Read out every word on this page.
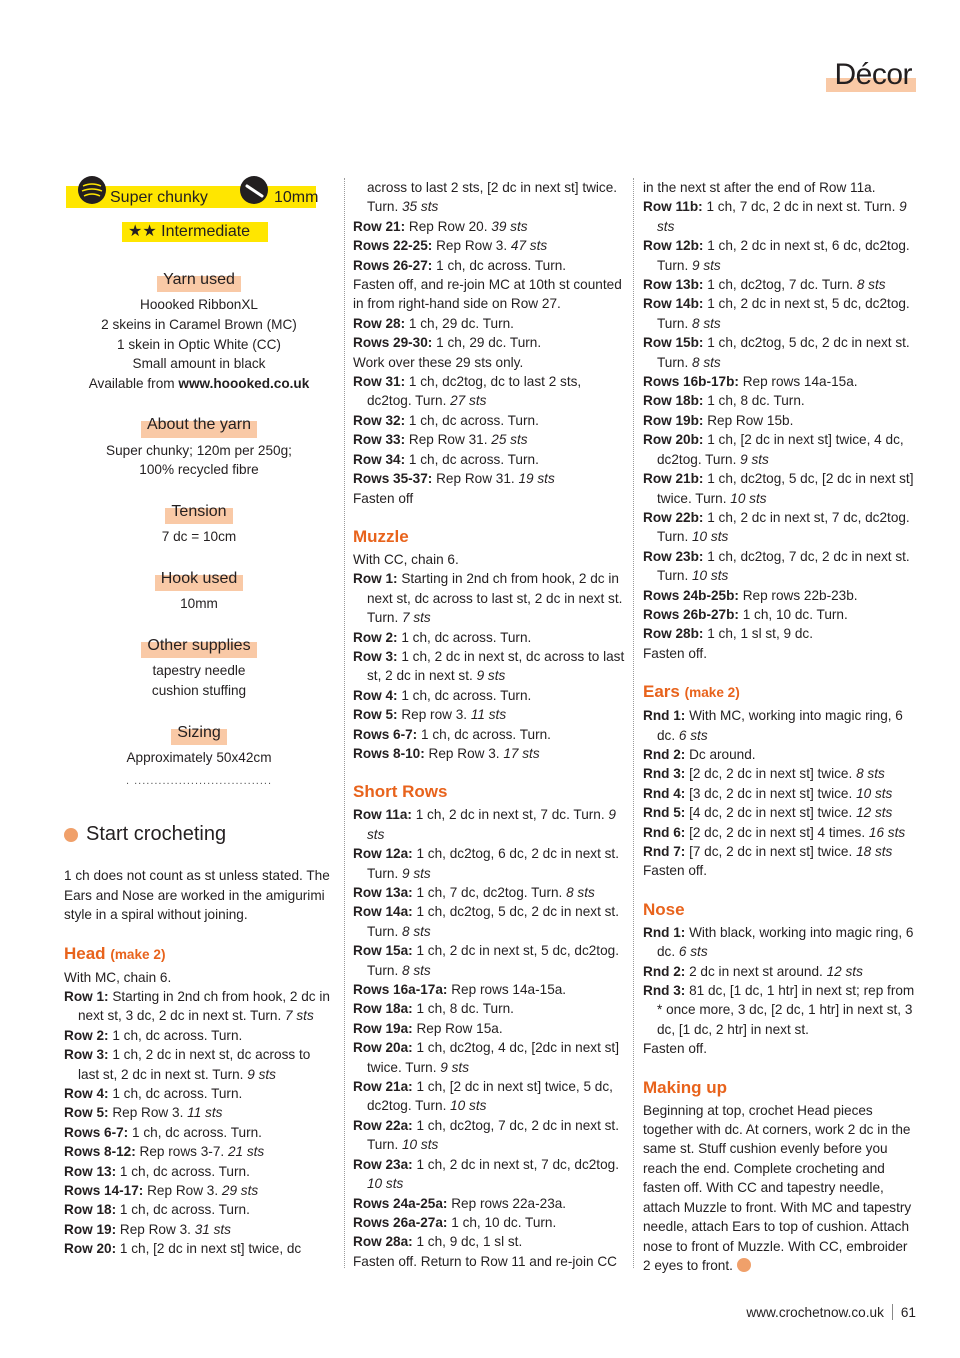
Décor
Super chunky	10mm
★★ Intermediate
Yarn used
Hoooked RibbonXL
2 skeins in Caramel Brown (MC)
1 skein in Optic White (CC)
Small amount in black
Available from www.hoooked.co.uk
About the yarn
Super chunky; 120m per 250g;
100% recycled fibre
Tension
7 dc = 10cm
Hook used
10mm
Other supplies
tapestry needle
cushion stuffing
Sizing
Approximately 50x42cm
. ..................................
Start crocheting

1 ch does not count as st unless stated. The Ears and Nose are worked in the amigurimi style in a spiral without joining.

Head (make 2)

With MC, chain 6.

Row 1: Starting in 2nd ch from hook, 2 dc in next st, 3 dc, 2 dc in next st. Turn. 7 sts

Row 2: 1 ch, dc across. Turn.

Row 3: 1 ch, 2 dc in next st, dc across to last st, 2 dc in next st. Turn. 9 sts

Row 4: 1 ch, dc across. Turn.

Row 5: Rep Row 3. 11 sts

Rows 6-7: 1 ch, dc across. Turn.

Rows 8-12: Rep rows 3-7. 21 sts

Row 13: 1 ch, dc across. Turn.

Rows 14-17: Rep Row 3. 29 sts

Row 18: 1 ch, dc across. Turn.

Row 19: Rep Row 3. 31 sts

Row 20: 1 ch, [2 dc in next st] twice, dc

across to last 2 sts, [2 dc in next st] twice. Turn. 35 sts

Row 21: Rep Row 20. 39 sts

Rows 22-25: Rep Row 3. 47 sts

Rows 26-27: 1 ch, dc across. Turn.

Fasten off, and re-join MC at 10th st counted in from right-hand side on Row 27.

Row 28: 1 ch, 29 dc. Turn.

Rows 29-30: 1 ch, 29 dc. Turn.

Work over these 29 sts only.

Row 31: 1 ch, dc2tog, dc to last 2 sts, dc2tog. Turn. 27 sts

Row 32: 1 ch, dc across. Turn.

Row 33: Rep Row 31. 25 sts

Row 34: 1 ch, dc across. Turn.

Rows 35-37: Rep Row 31. 19 sts

Fasten off

Muzzle

With CC, chain 6.

Row 1: Starting in 2nd ch from hook, 2 dc in next st, dc across to last st, 2 dc in next st. Turn. 7 sts

Row 2: 1 ch, dc across. Turn.

Row 3: 1 ch, 2 dc in next st, dc across to last st, 2 dc in next st. 9 sts

Row 4: 1 ch, dc across. Turn.

Row 5: Rep row 3. 11 sts

Rows 6-7: 1 ch, dc across. Turn.

Rows 8-10: Rep Row 3. 17 sts

Short Rows

Row 11a: 1 ch, 2 dc in next st, 7 dc. Turn. 9 sts

Row 12a: 1 ch, dc2tog, 6 dc, 2 dc in next st. Turn. 9 sts

Row 13a: 1 ch, 7 dc, dc2tog. Turn. 8 sts

Row 14a: 1 ch, dc2tog, 5 dc, 2 dc in next st. Turn. 8 sts

Row 15a: 1 ch, 2 dc in next st, 5 dc, dc2tog. Turn. 8 sts

Rows 16a-17a: Rep rows 14a-15a.

Row 18a: 1 ch, 8 dc. Turn.

Row 19a: Rep Row 15a.

Row 20a: 1 ch, dc2tog, 4 dc, [2dc in next st] twice. Turn. 9 sts

Row 21a: 1 ch, [2 dc in next st] twice, 5 dc, dc2tog. Turn. 10 sts

Row 22a: 1 ch, dc2tog, 7 dc, 2 dc in next st. Turn. 10 sts

Row 23a: 1 ch, 2 dc in next st, 7 dc, dc2tog. 10 sts

Rows 24a-25a: Rep rows 22a-23a.

Rows 26a-27a: 1 ch, 10 dc. Turn.

Row 28a: 1 ch, 9 dc, 1 sl st.

Fasten off. Return to Row 11 and re-join CC

in the next st after the end of Row 11a.

Row 11b: 1 ch, 7 dc, 2 dc in next st. Turn. 9 sts

Row 12b: 1 ch, 2 dc in next st, 6 dc, dc2tog. Turn. 9 sts

Row 13b: 1 ch, dc2tog, 7 dc. Turn. 8 sts

Row 14b: 1 ch, 2 dc in next st, 5 dc, dc2tog. Turn. 8 sts

Row 15b: 1 ch, dc2tog, 5 dc, 2 dc in next st. Turn. 8 sts

Rows 16b-17b: Rep rows 14a-15a.

Row 18b: 1 ch, 8 dc. Turn.

Row 19b: Rep Row 15b.

Row 20b: 1 ch, [2 dc in next st] twice, 4 dc, dc2tog. Turn. 9 sts

Row 21b: 1 ch, dc2tog, 5 dc, [2 dc in next st] twice. Turn. 10 sts

Row 22b: 1 ch, 2 dc in next st, 7 dc, dc2tog. Turn. 10 sts

Row 23b: 1 ch, dc2tog, 7 dc, 2 dc in next st. Turn. 10 sts

Rows 24b-25b: Rep rows 22b-23b.

Rows 26b-27b: 1 ch, 10 dc. Turn.

Row 28b: 1 ch, 1 sl st, 9 dc.

Fasten off.

Ears (make 2)

Rnd 1: With MC, working into magic ring, 6 dc. 6 sts

Rnd 2: Dc around.

Rnd 3: [2 dc, 2 dc in next st] twice. 8 sts

Rnd 4: [3 dc, 2 dc in next st] twice. 10 sts

Rnd 5: [4 dc, 2 dc in next st] twice. 12 sts

Rnd 6: [2 dc, 2 dc in next st] 4 times. 16 sts

Rnd 7: [7 dc, 2 dc in next st] twice. 18 sts

Fasten off.

Nose

Rnd 1: With black, working into magic ring, 6 dc. 6 sts

Rnd 2: 2 dc in next st around. 12 sts

Rnd 3: 81 dc, [1 dc, 1 htr] in next st; rep from * once more, 3 dc, [2 dc, 1 htr] in next st, 3 dc, [1 dc, 2 htr] in next st.

Fasten off.

Making up

Beginning at top, crochet Head pieces together with dc. At corners, work 2 dc in the same st. Stuff cushion evenly before you reach the end. Complete crocheting and fasten off. With CC and tapestry needle, attach Muzzle to front. With MC and tapestry needle, attach Ears to top of cushion. Attach nose to front of Muzzle. With CC, embroider 2 eyes to front.

www.crochetnow.co.uk 61
